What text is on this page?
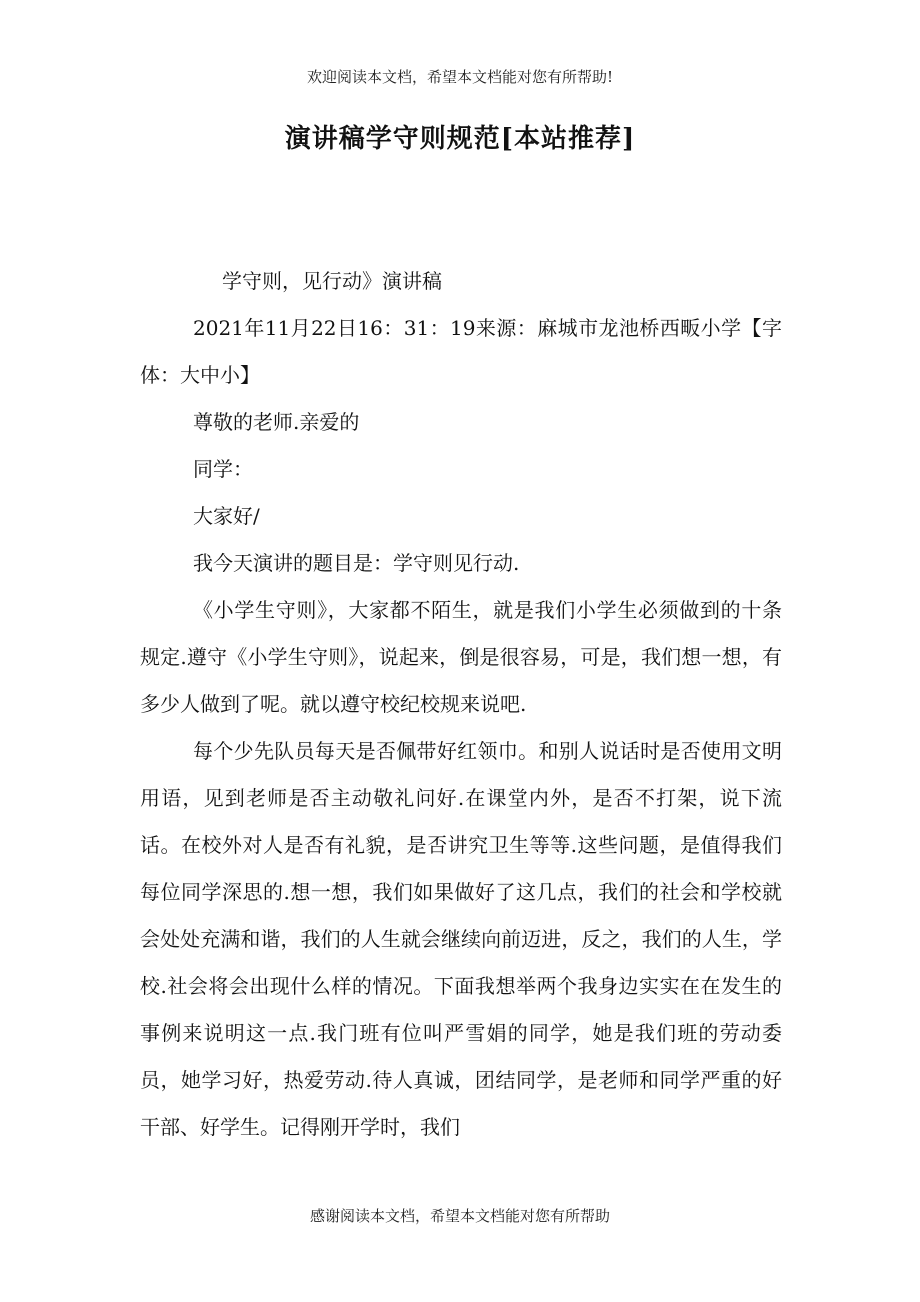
欢迎阅读本文档，希望本文档能对您有所帮助!
演讲稿学守则规范[本站推荐]

学守则，见行动》演讲稿

2021年11月22日16：31：19来源：麻城市龙池桥西畈小学【字体：大中小】

尊敬的老师.亲爱的

同学：

大家好/

我今天演讲的题目是：学守则见行动.

《小学生守则》，大家都不陌生，就是我们小学生必须做到的十条规定.遵守《小学生守则》，说起来，倒是很容易，可是，我们想一想，有多少人做到了呢。就以遵守校纪校规来说吧.

每个少先队员每天是否佩带好红领巾。和别人说话时是否使用文明用语，见到老师是否主动敬礼问好.在课堂内外，是否不打架，说下流话。在校外对人是否有礼貌，是否讲究卫生等等.这些问题，是值得我们每位同学深思的.想一想，我们如果做好了这几点，我们的社会和学校就会处处充满和谐，我们的人生就会继续向前迈进，反之，我们的人生，学校.社会将会出现什么样的情况。下面我想举两个我身边实实在在发生的事例来说明这一点.我门班有位叫严雪娟的同学，她是我们班的劳动委员，她学习好，热爱劳动.待人真诚，团结同学，是老师和同学严重的好干部、好学生。记得刚开学时，我们

感谢阅读本文档，希望本文档能对您有所帮助
